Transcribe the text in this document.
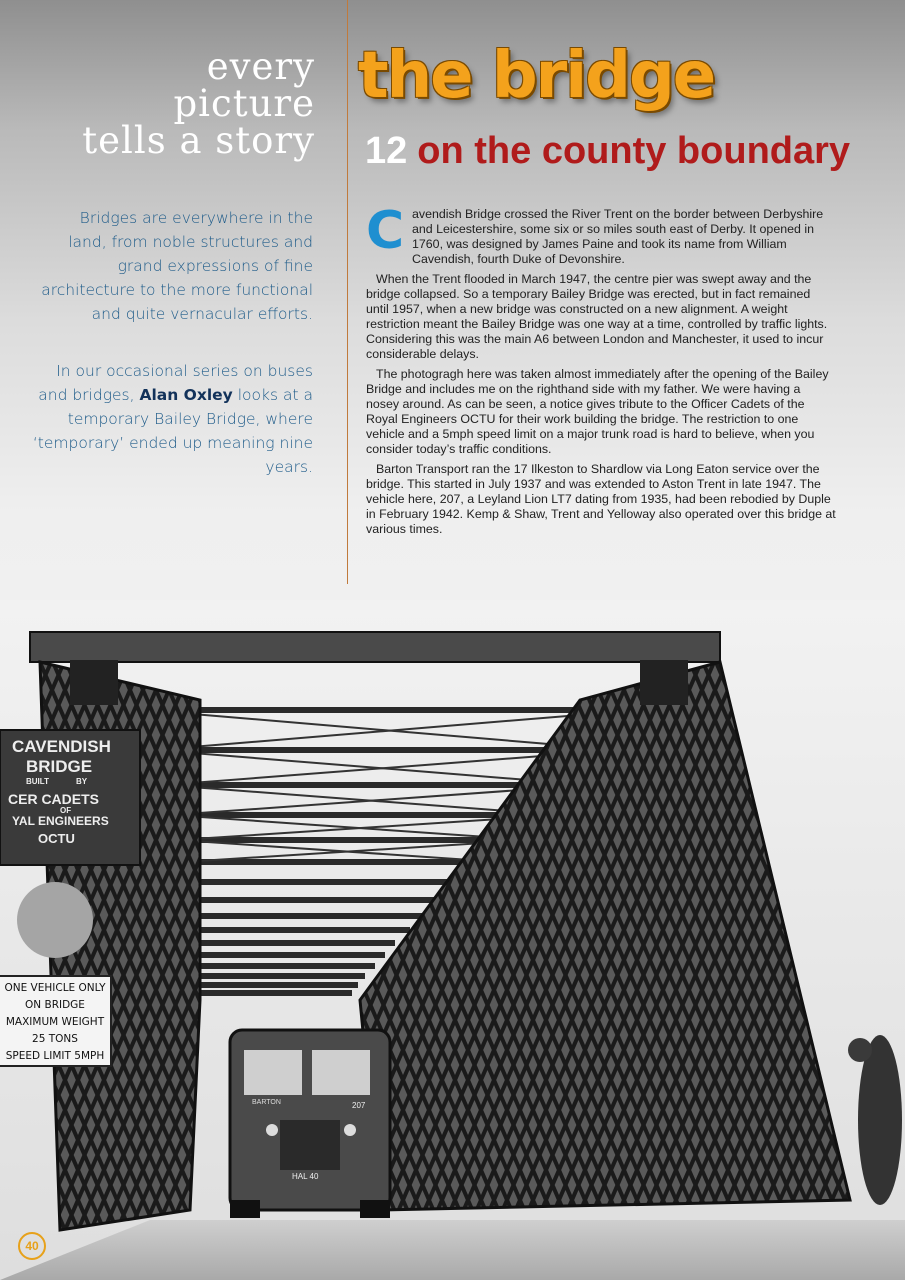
every
picture
tells a story
Bridges are everywhere in the land, from noble structures and grand expressions of fine architecture to the more functional and quite vernacular efforts.
In our occasional series on buses and bridges, Alan Oxley looks at a temporary Bailey Bridge, where ‘temporary’ ended up meaning nine years.
the bridge
12 on the county boundary

Cavendish Bridge crossed the River Trent on the border between Derbyshire and Leicestershire, some six or so miles south east of Derby. It opened in 1760, was designed by James Paine and took its name from William Cavendish, fourth Duke of Devonshire.

When the Trent flooded in March 1947, the centre pier was swept away and the bridge collapsed. So a temporary Bailey Bridge was erected, but in fact remained until 1957, when a new bridge was constructed on a new alignment. A weight restriction meant the Bailey Bridge was one way at a time, controlled by traffic lights. Considering this was the main A6 between London and Manchester, it used to incur considerable delays.

The photogragh here was taken almost immediately after the opening of the Bailey Bridge and includes me on the righthand side with my father. We were having a nosey around. As can be seen, a notice gives tribute to the Officer Cadets of the Royal Engineers OCTU for their work building the bridge. The restriction to one vehicle and a 5mph speed limit on a major trunk road is hard to believe, when you consider today’s traffic conditions.

Barton Transport ran the 17 Ilkeston to Shardlow via Long Eaton service over the bridge. This started in July 1937 and was extended to Aston Trent in late 1947. The vehicle here, 207, a Leyland Lion LT7 dating from 1935, had been rebodied by Duple in February 1942. Kemp & Shaw, Trent and Yelloway also operated over this bridge at various times.

CAVENDISH
BRIDGE
BUILT	BY
CER CADETS
OF
YAL ENGINEERS
OCTU
ONE VEHICLE ONLY
ON BRIDGE
MAXIMUM WEIGHT
25 TONS
SPEED LIMIT 5MPH
BARTON	207
HAL 40
40
